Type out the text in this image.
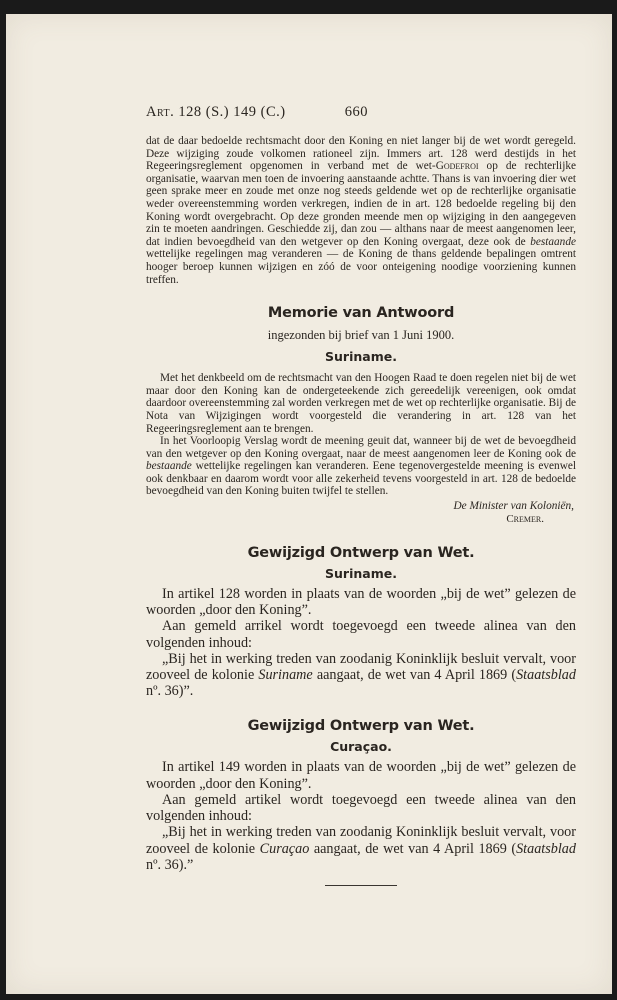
Art. 128 (S.) 149 (C.)	660

dat de daar bedoelde rechtsmacht door den Koning en niet langer bij de wet wordt geregeld. Deze wijziging zoude volkomen rationeel zijn. Immers art. 128 werd destijds in het Regeeringsreglement opgenomen in verband met de wet-Godefroi op de rechterlijke organisatie, waarvan men toen de invoering aanstaande achtte. Thans is van invoering dier wet geen sprake meer en zoude met onze nog steeds geldende wet op de rechterlijke organisatie weder overeenstemming worden verkregen, indien de in art. 128 bedoelde regeling bij den Koning wordt overgebracht. Op deze gronden meende men op wijziging in den aangegeven zin te moeten aandringen. Geschiedde zij, dan zou — althans naar de meest aangenomen leer, dat indien bevoegdheid van den wetgever op den Koning overgaat, deze ook de bestaande wettelijke regelingen mag veranderen — de Koning de thans geldende bepalingen omtrent hooger beroep kunnen wijzigen en zóó de voor onteigening noodige voorziening kunnen treffen.

Memorie van Antwoord
ingezonden bij brief van 1 Juni 1900.
Suriname.

Met het denkbeeld om de rechtsmacht van den Hoogen Raad te doen regelen niet bij de wet maar door den Koning kan de ondergeteekende zich gereedelijk vereenigen, ook omdat daardoor overeenstemming zal worden verkregen met de wet op rechterlijke organisatie. Bij de Nota van Wijzigingen wordt voorgesteld die verandering in art. 128 van het Regeeringsreglement aan te brengen.

In het Voorloopig Verslag wordt de meening geuit dat, wanneer bij de wet de bevoegdheid van den wetgever op den Koning overgaat, naar de meest aangenomen leer de Koning ook de bestaande wettelijke regelingen kan veranderen. Eene tegenovergestelde meening is evenwel ook denkbaar en daarom wordt voor alle zekerheid tevens voorgesteld in art. 128 de bedoelde bevoegdheid van den Koning buiten twijfel te stellen.

De Minister van Koloniën,
Cremer.
Gewijzigd Ontwerp van Wet.
Suriname.

In artikel 128 worden in plaats van de woorden „bij de wet” gelezen de woorden „door den Koning”.

Aan gemeld arrikel wordt toegevoegd een tweede alinea van den volgenden inhoud:

„Bij het in werking treden van zoodanig Koninklijk besluit vervalt, voor zooveel de kolonie Suriname aangaat, de wet van 4 April 1869 (Staatsblad nº. 36)”.

Gewijzigd Ontwerp van Wet.
Curaçao.

In artikel 149 worden in plaats van de woorden „bij de wet” gelezen de woorden „door den Koning”.

Aan gemeld artikel wordt toegevoegd een tweede alinea van den volgenden inhoud:

„Bij het in werking treden van zoodanig Koninklijk besluit vervalt, voor zooveel de kolonie Curaçao aangaat, de wet van 4 April 1869 (Staatsblad nº. 36).”
